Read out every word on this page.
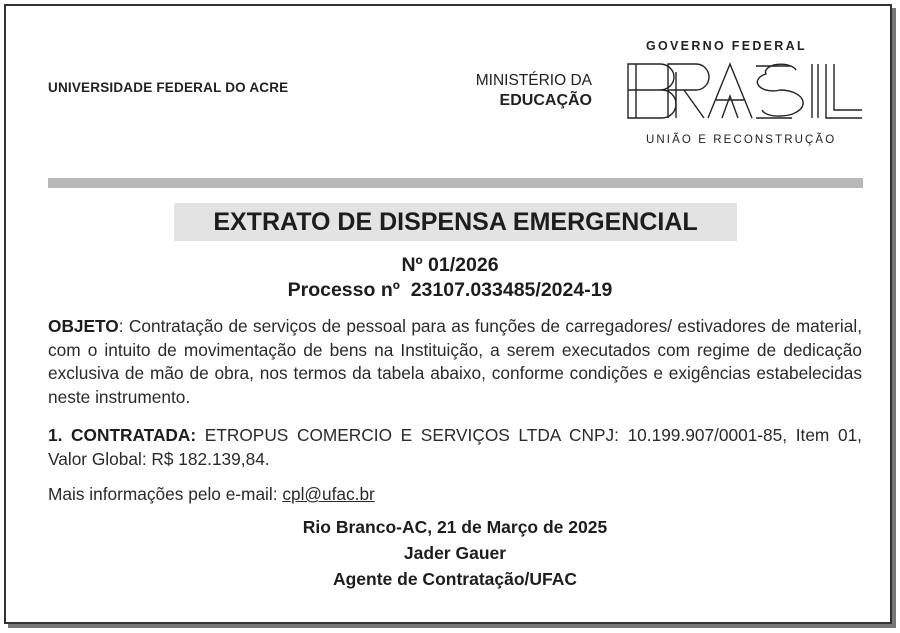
UNIVERSIDADE FEDERAL DO ACRE	MINISTÉRIO DA
EDUCAÇÃO
GOVERNO FEDERAL
UNIÃO E RECONSTRUÇÃO
EXTRATO DE DISPENSA EMERGENCIAL
Nº 01/2026
Processo nº  23107.033485/2024-19
OBJETO: Contratação de serviços de pessoal para as funções de carregadores/ estivadores de material, com o intuito de movimentação de bens na Instituição, a serem executados com regime de dedicação exclusiva de mão de obra, nos termos da tabela abaixo, conforme condições e exigências estabelecidas neste instrumento.
1. CONTRATADA: ETROPUS COMERCIO E SERVIÇOS LTDA CNPJ: 10.199.907/0001-85, Item 01, Valor Global: R$ 182.139,84.
Mais informações pelo e-mail: cpl@ufac.br
Rio Branco-AC, 21 de Março de 2025
Jader Gauer
Agente de Contratação/UFAC
